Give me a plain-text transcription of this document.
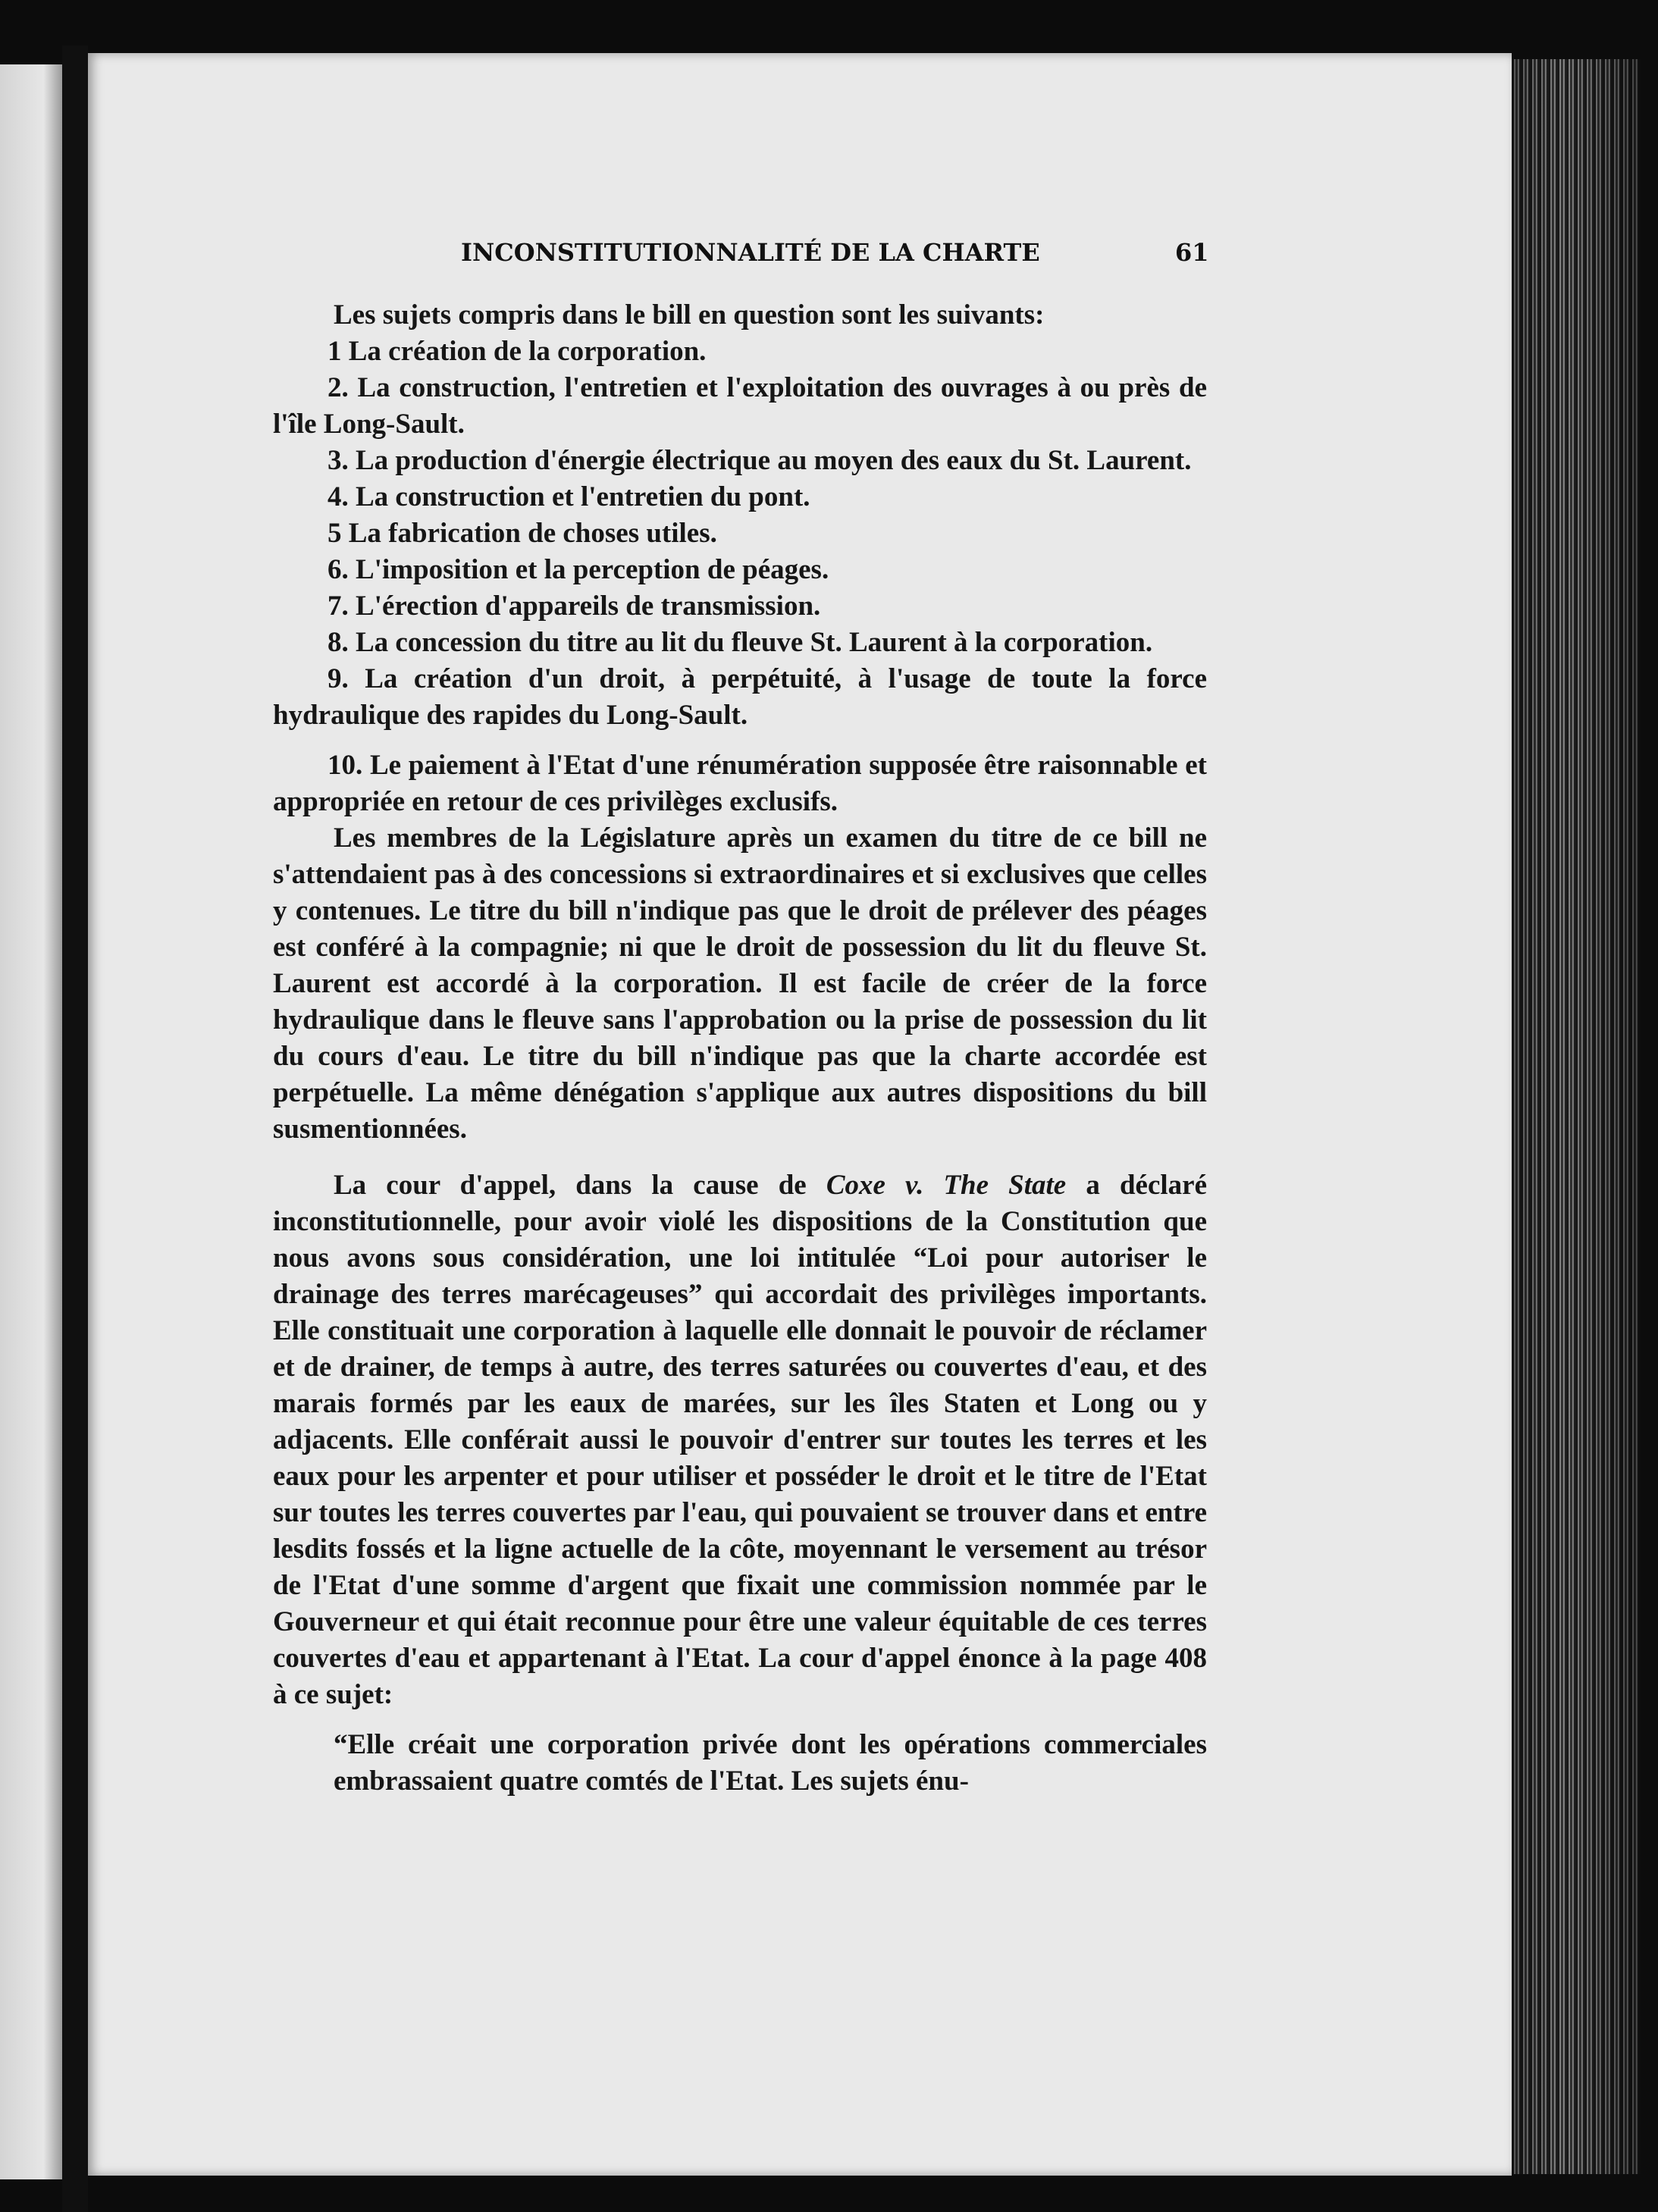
INCONSTITUTIONNALITÉ DE LA CHARTE	61

Les sujets compris dans le bill en question sont les suivants:

1 La création de la corporation.

2. La construction, l'entretien et l'exploitation des ouvrages à ou près de l'île Long-Sault.

3. La production d'énergie électrique au moyen des eaux du St. Laurent.

4. La construction et l'entretien du pont.

5 La fabrication de choses utiles.

6. L'imposition et la perception de péages.

7. L'érection d'appareils de transmission.

8. La concession du titre au lit du fleuve St. Laurent à la corporation.

9. La création d'un droit, à perpétuité, à l'usage de toute la force hydraulique des rapides du Long-Sault.

10. Le paiement à l'Etat d'une rénumération supposée être raisonnable et appropriée en retour de ces privilèges exclusifs.

Les membres de la Législature après un examen du titre de ce bill ne s'attendaient pas à des concessions si extraordinaires et si exclusives que celles y contenues. Le titre du bill n'indique pas que le droit de prélever des péages est conféré à la compagnie; ni que le droit de possession du lit du fleuve St. Laurent est accordé à la corporation. Il est facile de créer de la force hydraulique dans le fleuve sans l'approbation ou la prise de possession du lit du cours d'eau. Le titre du bill n'indique pas que la charte accordée est perpétuelle. La même dénégation s'applique aux autres dispositions du bill susmentionnées.

La cour d'appel, dans la cause de Coxe v. The State a déclaré inconstitutionnelle, pour avoir violé les dispositions de la Constitution que nous avons sous considération, une loi intitulée “Loi pour autoriser le drainage des terres marécageuses” qui accordait des privilèges importants. Elle constituait une corporation à laquelle elle donnait le pouvoir de réclamer et de drainer, de temps à autre, des terres saturées ou couvertes d'eau, et des marais formés par les eaux de marées, sur les îles Staten et Long ou y adjacents. Elle conférait aussi le pouvoir d'entrer sur toutes les terres et les eaux pour les arpenter et pour utiliser et posséder le droit et le titre de l'Etat sur toutes les terres couvertes par l'eau, qui pouvaient se trouver dans et entre lesdits fossés et la ligne actuelle de la côte, moyennant le versement au trésor de l'Etat d'une somme d'argent que fixait une commission nommée par le Gouverneur et qui était reconnue pour être une valeur équitable de ces terres couvertes d'eau et appartenant à l'Etat. La cour d'appel énonce à la page 408 à ce sujet:

“Elle créait une corporation privée dont les opérations commerciales embrassaient quatre comtés de l'Etat. Les sujets énu-
